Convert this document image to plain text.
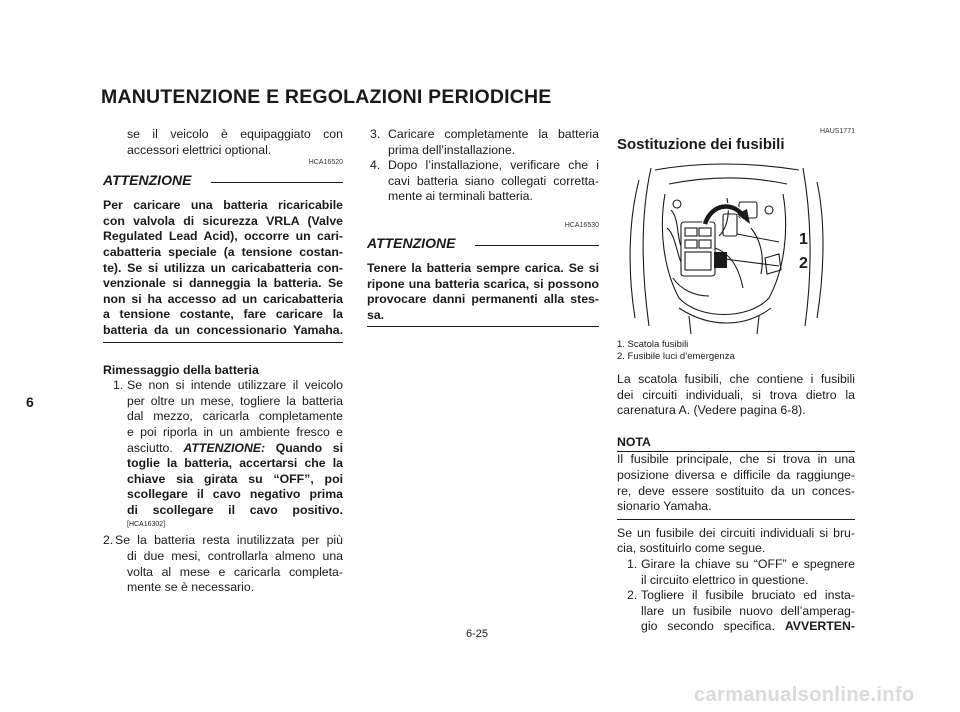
MANUTENZIONE E REGOLAZIONI PERIODICHE
6
se il veicolo è equipaggiato con
accessori elettrici optional.
HCA16520
ATTENZIONE
Per caricare una batteria ricaricabile
con valvola di sicurezza VRLA (Valve
Regulated Lead Acid), occorre un cari-
cabatteria speciale (a tensione costan-
te). Se si utilizza un caricabatteria con-
venzionale si danneggia la batteria. Se
non si ha accesso ad un caricabatteria
a tensione costante, fare caricare la
batteria da un concessionario Yamaha.
Rimessaggio della batteria
1. Se non si intende utilizzare il veicolo
per oltre un mese, togliere la batteria
dal mezzo, caricarla completamente
e poi riporla in un ambiente fresco e
asciutto. ATTENZIONE: Quando si
toglie la batteria, accertarsi che la
chiave sia girata su “OFF”, poi
scollegare il cavo negativo prima
di scollegare il cavo positivo.
[HCA16302]
2. Se la batteria resta inutilizzata per più
di due mesi, controllarla almeno una
volta al mese e caricarla completa-
mente se è necessario.
3. Caricare completamente la batteria
prima dell’installazione.
4. Dopo l’installazione, verificare che i
cavi batteria siano collegati corretta-
mente ai terminali batteria.
HCA16530
ATTENZIONE
Tenere la batteria sempre carica. Se si
ripone una batteria scarica, si possono
provocare danni permanenti alla stes-
sa.
HAUS1771
Sostituzione dei fusibili
1
2
1. Scatola fusibili
2. Fusibile luci d’emergenza
La scatola fusibili, che contiene i fusibili
dei circuiti individuali, si trova dietro la
carenatura A. (Vedere pagina 6-8).
NOTA
Il fusibile principale, che si trova in una
posizione diversa e difficile da raggiunge-
re, deve essere sostituito da un conces-
sionario Yamaha.
Se un fusibile dei circuiti individuali si bru-
cia, sostituirlo come segue.
1. Girare la chiave su “OFF” e spegnere
il circuito elettrico in questione.
2. Togliere il fusibile bruciato ed insta-
llare un fusibile nuovo dell’amperag-
gio secondo specifica. AVVERTEN-
6-25
carmanualsonline.info
